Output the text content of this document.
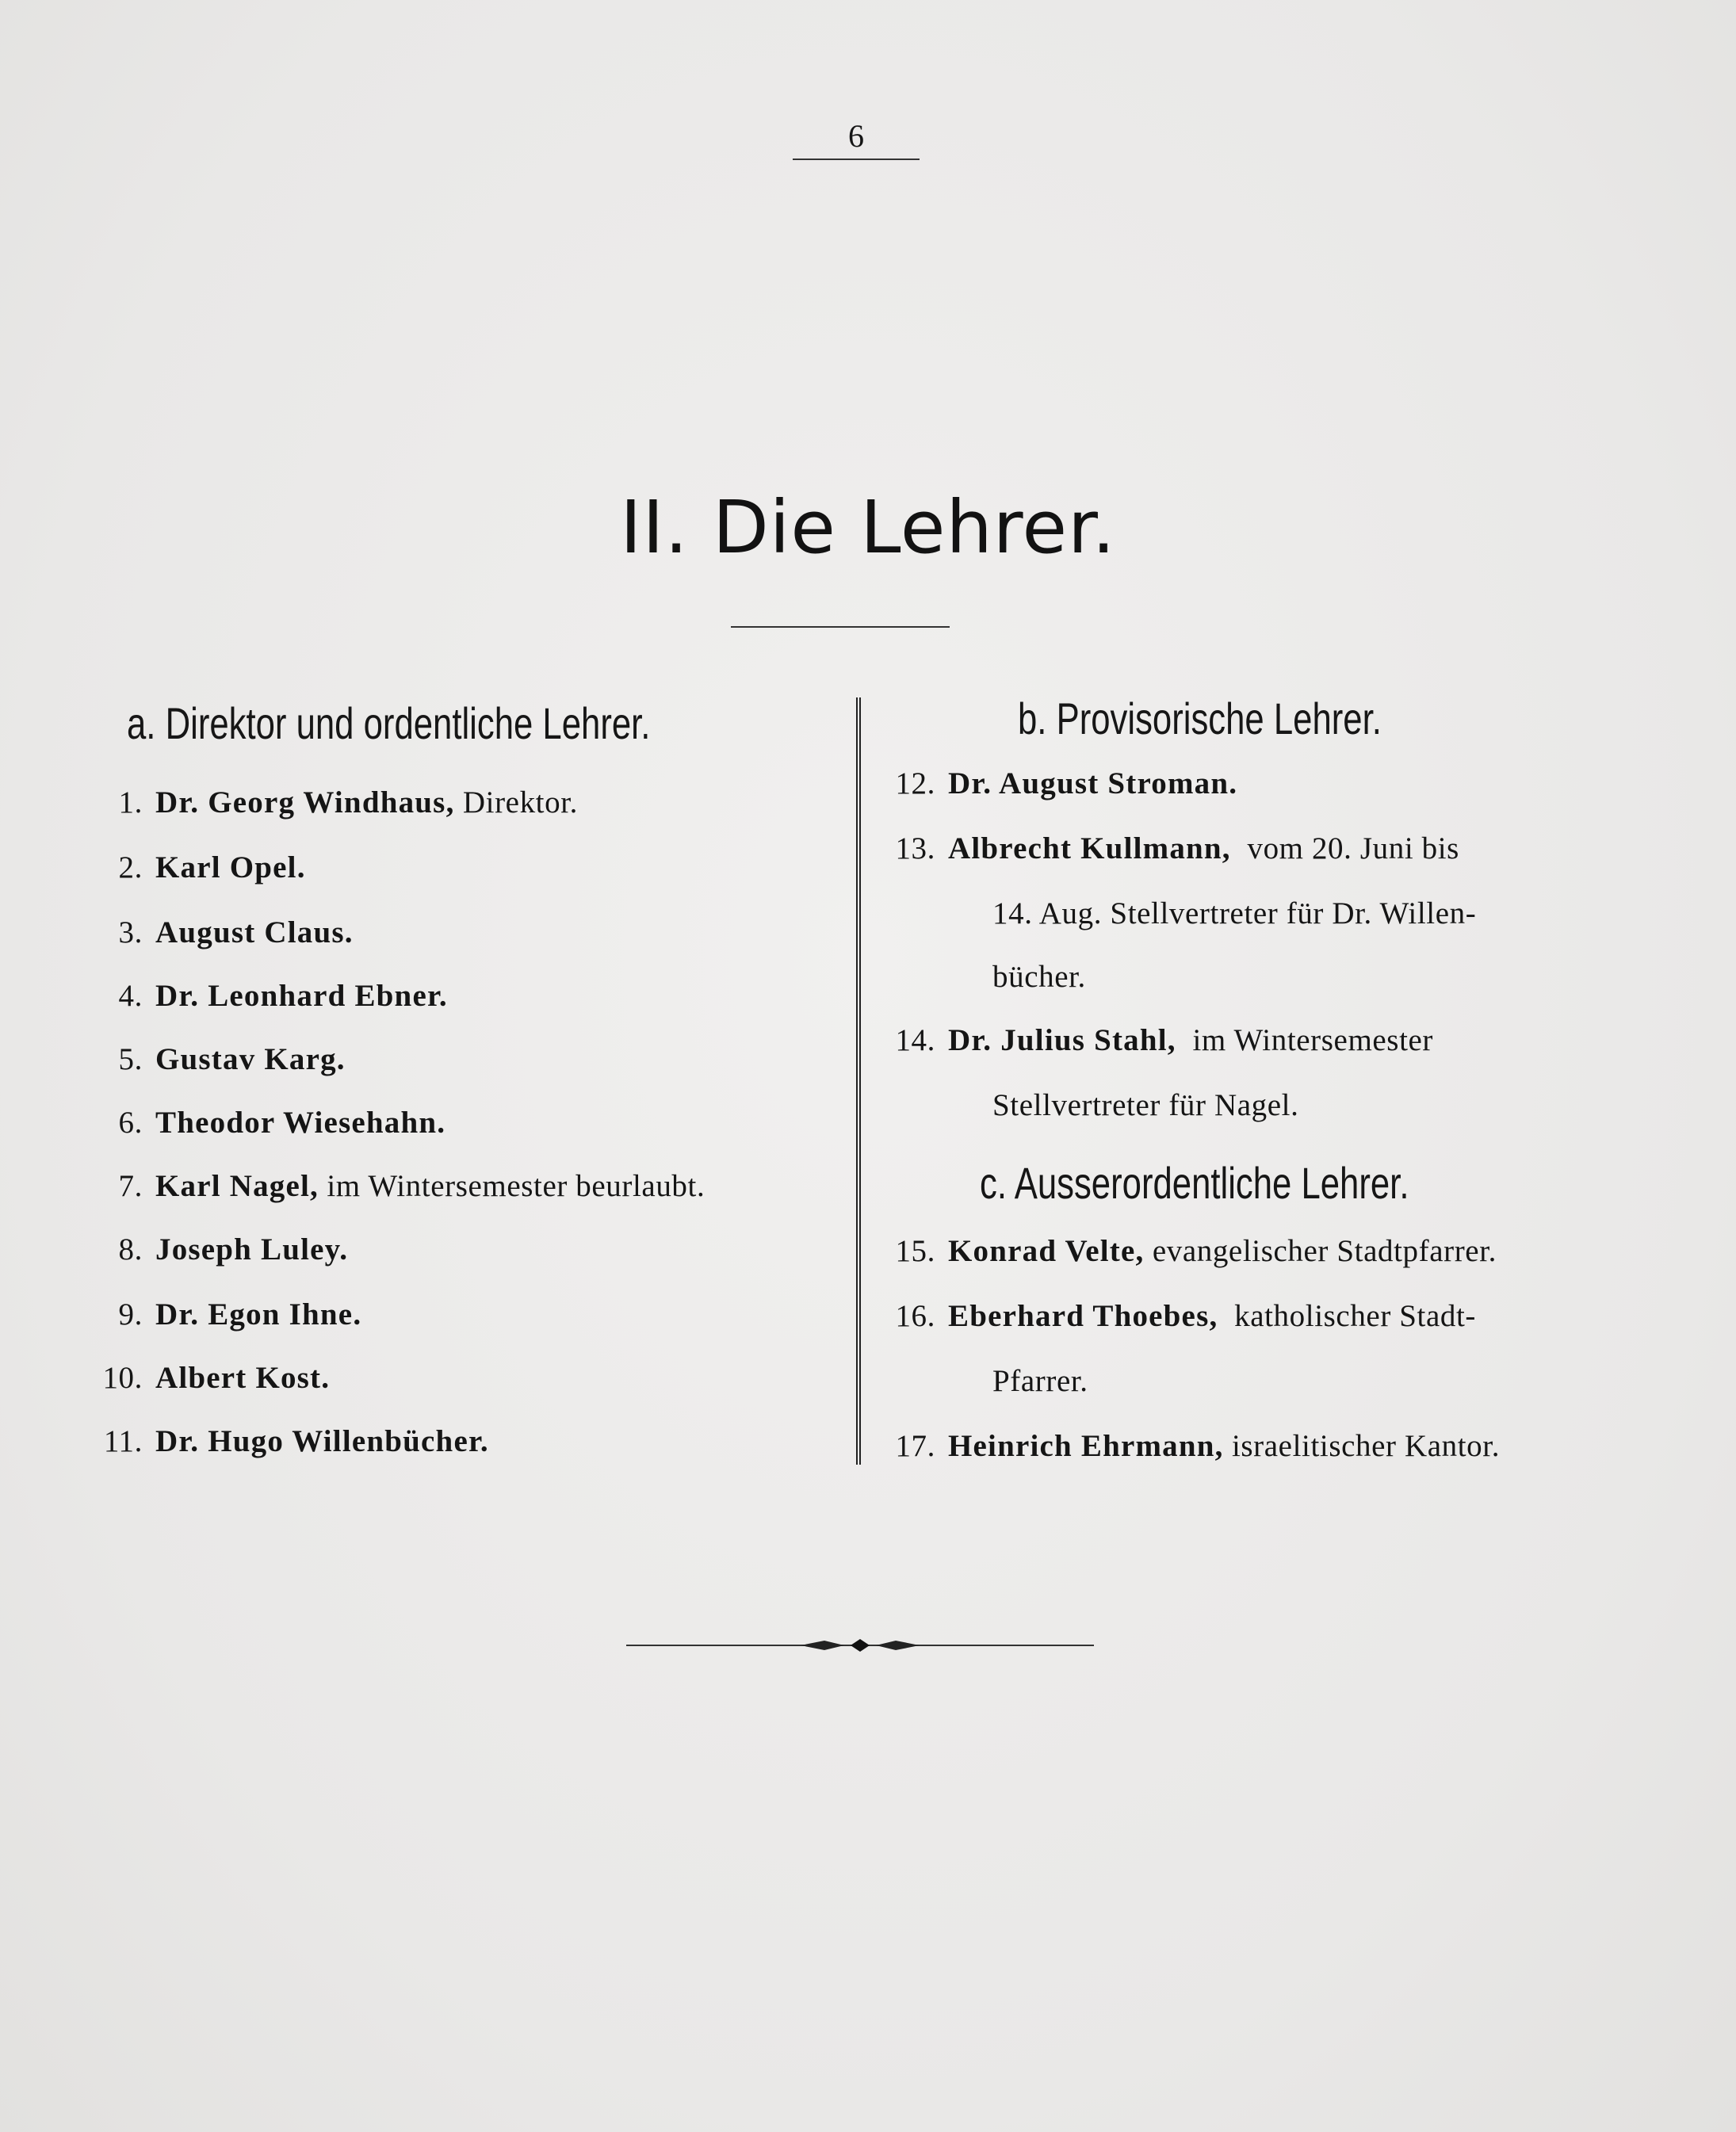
6
II. Die Lehrer.
a. Direktor und ordentliche Lehrer.
1. Dr. Georg Windhaus, Direktor.
2. Karl Opel.
3. August Claus.
4. Dr. Leonhard Ebner.
5. Gustav Karg.
6. Theodor Wiesehahn.
7. Karl Nagel, im Wintersemester beurlaubt.
8. Joseph Luley.
9. Dr. Egon Ihne.
10. Albert Kost.
11. Dr. Hugo Willenbücher.
b. Provisorische Lehrer.
12. Dr. August Stroman.
13. Albrecht Kullmann, vom 20. Juni bis
14. Aug. Stellvertreter für Dr. Willen-
bücher.
14. Dr. Julius Stahl, im Wintersemester
Stellvertreter für Nagel.
c. Ausserordentliche Lehrer.
15. Konrad Velte, evangelischer Stadtpfarrer.
16. Eberhard Thoebes, katholischer Stadt-
Pfarrer.
17. Heinrich Ehrmann, israelitischer Kantor.
